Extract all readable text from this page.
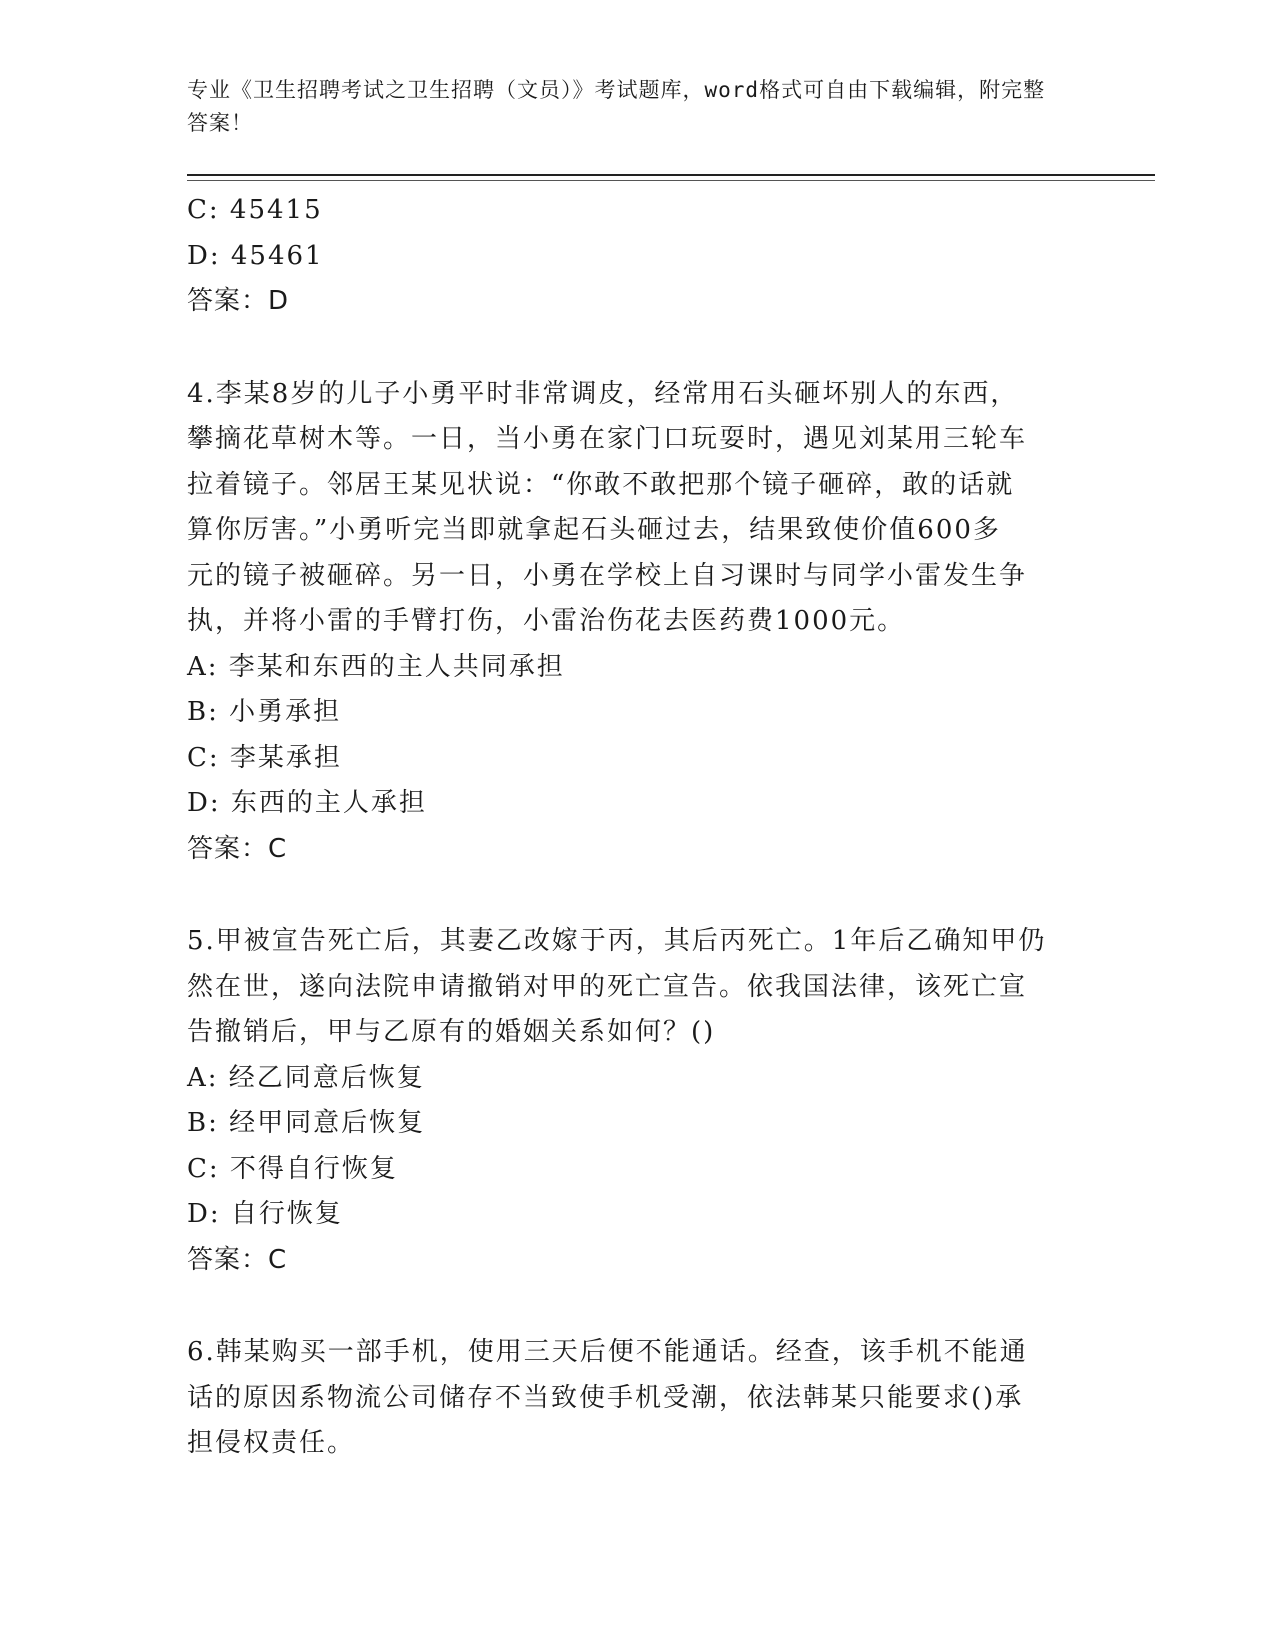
专业《卫生招聘考试之卫生招聘（文员）》考试题库，word格式可自由下载编辑，附完整答案！
C: 45415
D: 45461
答案：D
4.李某8岁的儿子小勇平时非常调皮，经常用石头砸坏别人的东西，
攀摘花草树木等。一日，当小勇在家门口玩耍时，遇见刘某用三轮车
拉着镜子。邻居王某见状说：“你敢不敢把那个镜子砸碎，敢的话就
算你厉害。”小勇听完当即就拿起石头砸过去，结果致使价值600多
元的镜子被砸碎。另一日，小勇在学校上自习课时与同学小雷发生争
执，并将小雷的手臂打伤，小雷治伤花去医药费1000元。
A: 李某和东西的主人共同承担
B: 小勇承担
C: 李某承担
D: 东西的主人承担
答案：C
5.甲被宣告死亡后，其妻乙改嫁于丙，其后丙死亡。1年后乙确知甲仍
然在世，遂向法院申请撤销对甲的死亡宣告。依我国法律，该死亡宣
告撤销后，甲与乙原有的婚姻关系如何？()
A: 经乙同意后恢复
B: 经甲同意后恢复
C: 不得自行恢复
D: 自行恢复
答案：C
6.韩某购买一部手机，使用三天后便不能通话。经查，该手机不能通
话的原因系物流公司储存不当致使手机受潮，依法韩某只能要求()承
担侵权责任。
